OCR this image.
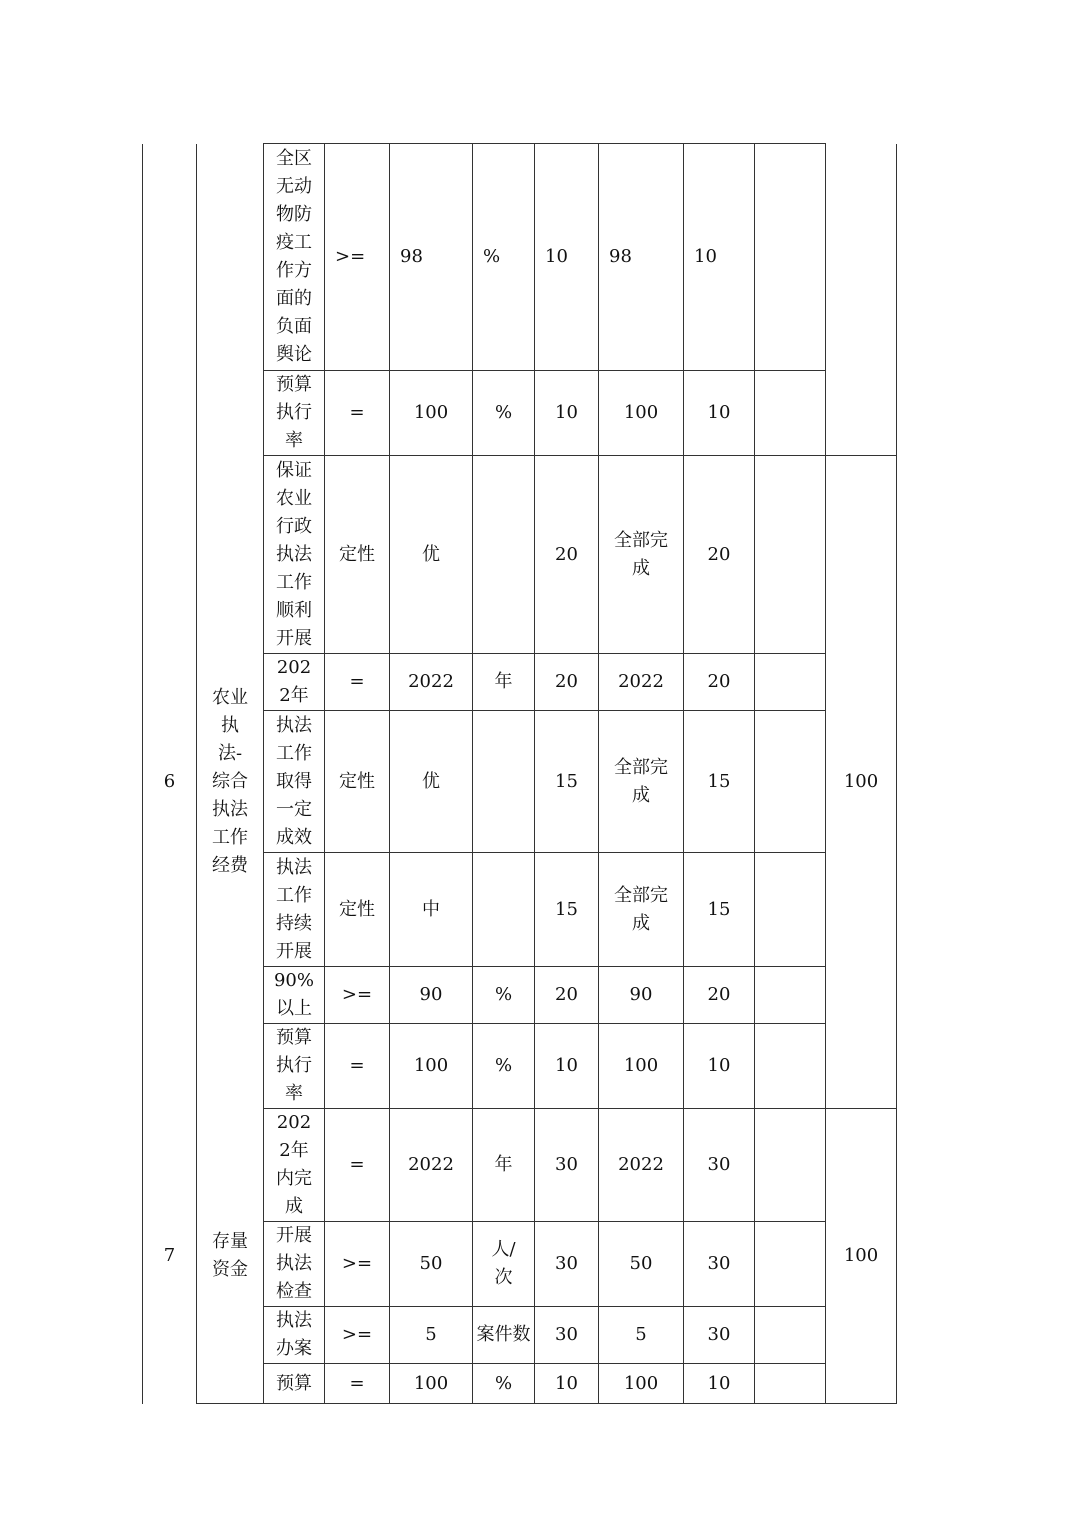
		全区无动物防疫工作方面的负面舆论	>=	98	%	10	98	10		
		预算执行率	=	100	%	10	100	10		
6	农业执法-综合执法工作经费	保证农业行政执法工作顺利开展	定性	优		20	全部完成	20		100
		2022年	=	2022	年	20	2022	20		
		执法工作取得一定成效	定性	优		15	全部完成	15		
		执法工作持续开展	定性	中		15	全部完成	15		
		90%以上	>=	90	%	20	90	20		
		预算执行率	=	100	%	10	100	10		
7	存量资金	2022年内完成	=	2022	年	30	2022	30		100
		开展执法检查	>=	50	人/次	30	50	30		
		执法办案	>=	5	案件数	30	5	30		
		预算	=	100	%	10	100	10		
